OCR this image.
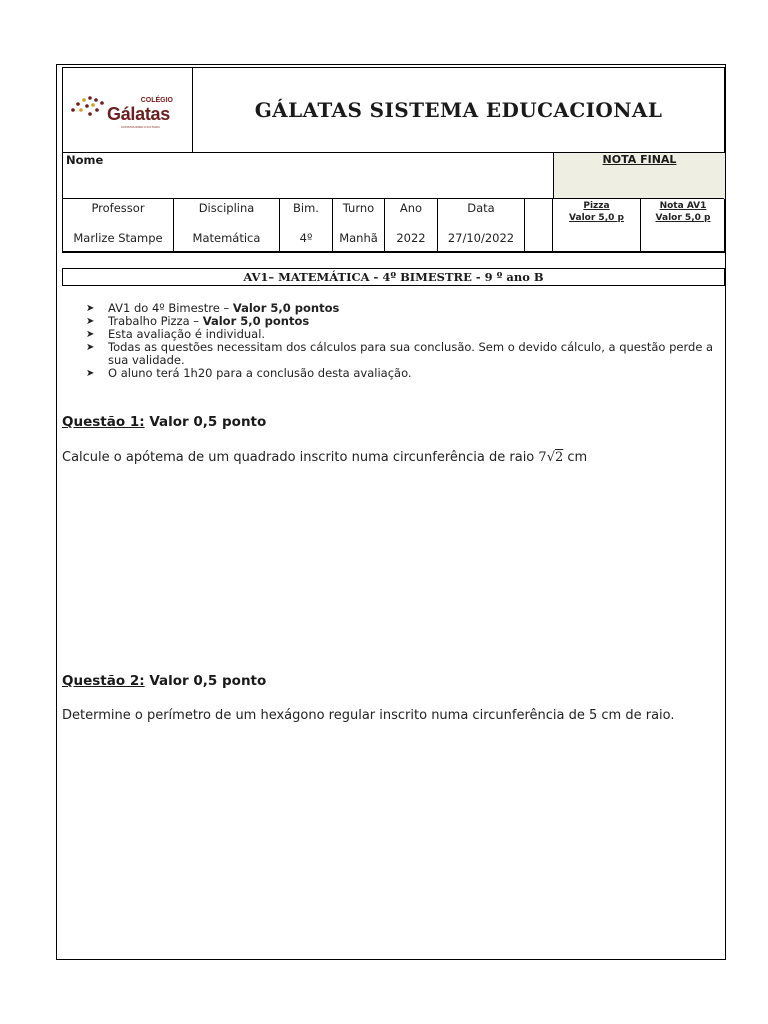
COLÉGIO
Gálatas
CONSTRUINDO O FUTURO
GÁLATAS SISTEMA EDUCACIONAL
Nome	NOTA FINAL
Professor
Marlize Stampe
Disciplina
Matemática
Bim.
4º
Turno
Manhã
Ano
2022
Data
27/10/2022
Pizza
Valor 5,0 p
Nota AV1
Valor 5,0 p
AV1– MATEMÁTICA - 4º BIMESTRE - 9 º ano B
➤ AV1 do 4º Bimestre – Valor 5,0 pontos
➤ Trabalho Pizza – Valor 5,0 pontos
➤ Esta avaliação é individual.
➤ Todas as questões necessitam dos cálculos para sua conclusão. Sem o devido cálculo, a questão perde a sua validade.
➤ O aluno terá 1h20 para a conclusão desta avaliação.
Questão 1: Valor 0,5 ponto
Calcule o apótema de um quadrado inscrito numa circunferência de raio 7√2 cm
Questão 2: Valor 0,5 ponto
Determine o perímetro de um hexágono regular inscrito numa circunferência de 5 cm de raio.
